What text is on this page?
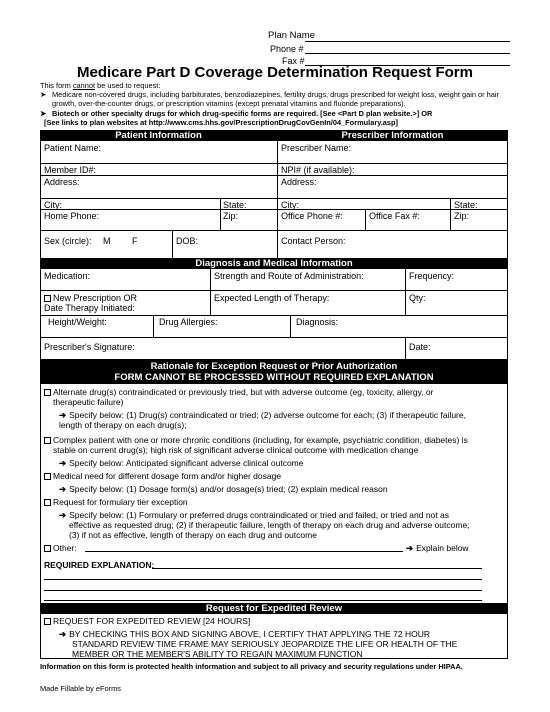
Plan Name
Phone #
Fax #
Medicare Part D Coverage Determination Request Form
This form cannot be used to request:
➤ Medicare non-covered drugs, including barbiturates, benzodiazepines, fertility drugs, drugs prescribed for weight loss, weight gain or hair growth, over-the-counter drugs, or prescription vitamins (except prenatal vitamins and fluoride preparations).
➤ Biotech or other specialty drugs for which drug-specific forms are required. [See <Part D plan website.>] OR
[See links to plan websites at http://www.cms.hhs.gov/PrescriptionDrugCovGenIn/04_Formulary.asp]
Patient Information	Prescriber Information
Diagnosis and Medical Information
Rationale for Exception Request or Prior Authorization
FORM CANNOT BE PROCESSED WITHOUT REQUIRED EXPLANATION
Request for Expedited Review
Patient Name:	Prescriber Name:
Member ID#:	NPI# (if available):
Address:	Address:
City:	State:	City:	State:
Home Phone:	Zip:	Office Phone #:	Office Fax #:	Zip:
Sex (circle): M F	DOB:	Contact Person:
Medication:	Strength and Route of Administration:	Frequency:
New Prescription OR
Date Therapy Initiated:
Expected Length of Therapy:	Qty:
Height/Weight:	Drug Allergies:	Diagnosis:
Prescriber's Signature:	Date:
Alternate drug(s) contraindicated or previously tried, but with adverse outcome (eg, toxicity, allergy, or
therapeutic failure)
➔ Specify below: (1) Drug(s) contraindicated or tried; (2) adverse outcome for each; (3) if therapeutic failure,
length of therapy on each drug(s);
Complex patient with one or more chronic conditions (including, for example, psychiatric condition, diabetes) is
stable on current drug(s); high risk of significant adverse clinical outcome with medication change
➔ Specify below: Anticipated significant adverse clinical outcome
Medical need for different dosage form and/or higher dosage
➔ Specify below: (1) Dosage form(s) and/or dosage(s) tried; (2) explain medical reason
Request for formulary tier exception
➔ Specify below: (1) Formulary or preferred drugs contraindicated or tried and failed, or tried and not as
effective as requested drug; (2) if therapeutic failure, length of therapy on each drug and adverse outcome;
(3) if not as effective, length of therapy on each drug and outcome
Other:	➔ Explain below
REQUIRED EXPLANATION:
REQUEST FOR EXPEDITED REVIEW [24 HOURS]
➔ BY CHECKING THIS BOX AND SIGNING ABOVE, I CERTIFY THAT APPLYING THE 72 HOUR
STANDARD REVIEW TIME FRAME MAY SERIOUSLY JEOPARDIZE THE LIFE OR HEALTH OF THE
MEMBER OR THE MEMBER'S ABILITY TO REGAIN MAXIMUM FUNCTION
Information on this form is protected health information and subject to all privacy and security regulations under HIPAA.
Made Fillable by eForms
